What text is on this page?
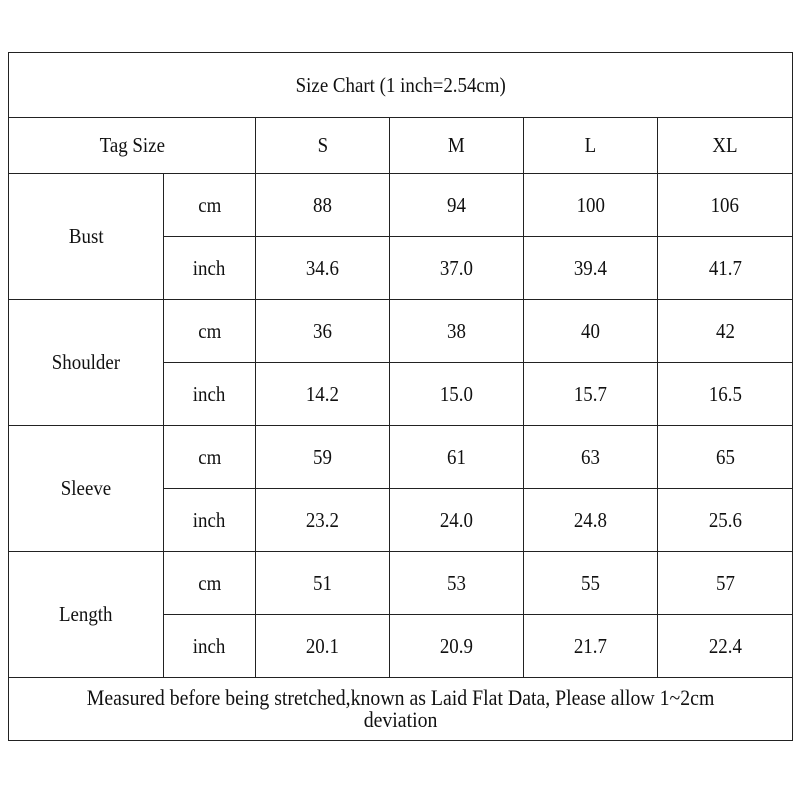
Size Chart (1 inch=2.54cm)					
Tag Size		S	M	L	XL
Bust	cm	88	94	100	106
	inch	34.6	37.0	39.4	41.7
Shoulder	cm	36	38	40	42
	inch	14.2	15.0	15.7	16.5
Sleeve	cm	59	61	63	65
	inch	23.2	24.0	24.8	25.6
Length	cm	51	53	55	57
	inch	20.1	20.9	21.7	22.4
Measured before being stretched,known as Laid Flat Data, Please allow 1~2cm deviation					
